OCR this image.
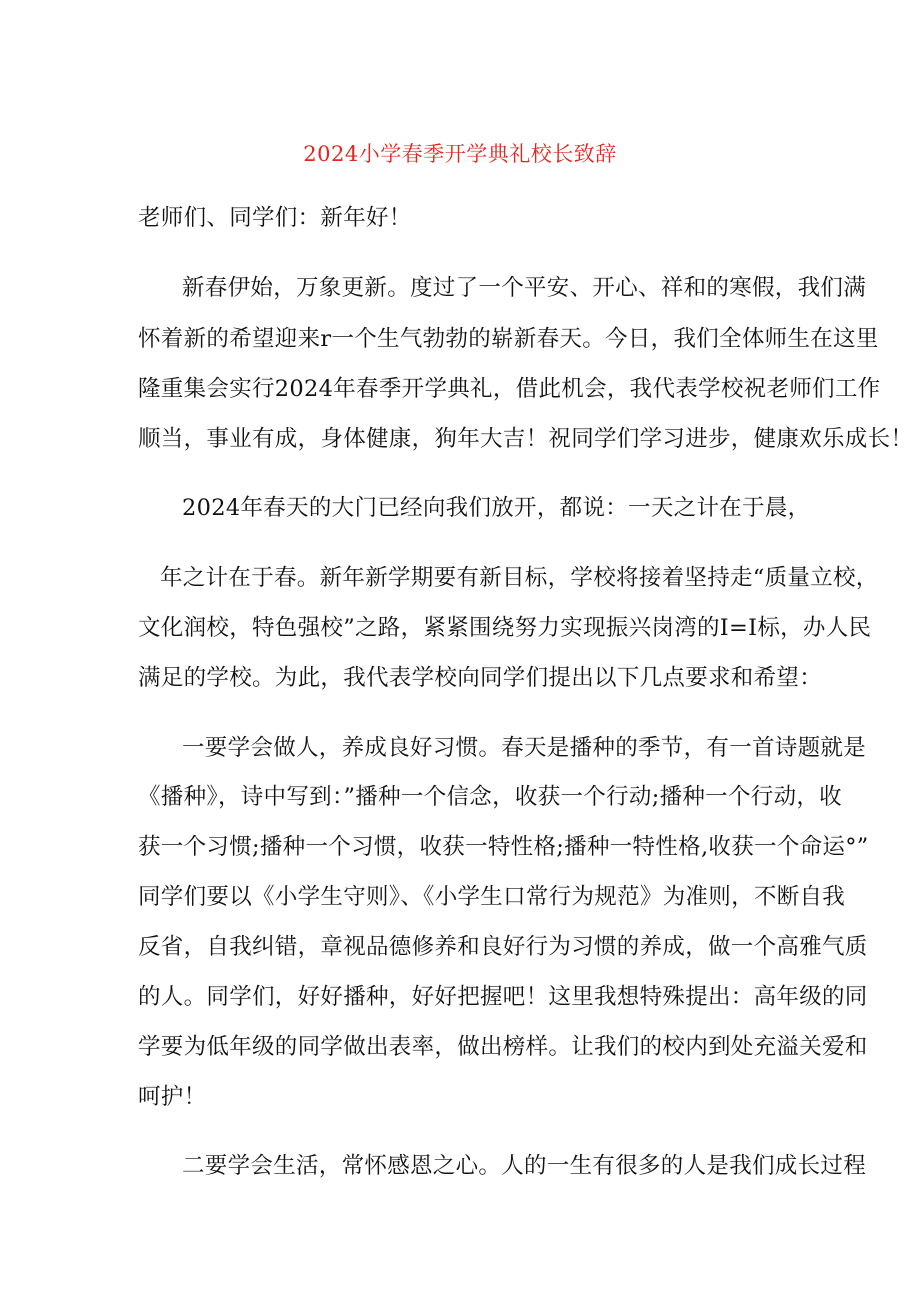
2024小学春季开学典礼校长致辞
老师们、同学们：新年好！
新春伊始，万象更新。度过了一个平安、开心、祥和的寒假，我们满
怀着新的希望迎来r一个生气勃勃的崭新春天。今日，我们全体师生在这里
隆重集会实行2024年春季开学典礼，借此机会，我代表学校祝老师们工作
顺当，事业有成，身体健康，狗年大吉！祝同学们学习进步，健康欢乐成长！
2024年春天的大门已经向我们放开，都说：一天之计在于晨，
年之计在于春。新年新学期要有新目标，学校将接着坚持走“质量立校，
文化润校，特色强校”之路，紧紧围绕努力实现振兴岗湾的I=I标，办人民
满足的学校。为此，我代表学校向同学们提出以下几点要求和希望：
一要学会做人，养成良好习惯。春天是播种的季节，有一首诗题就是
《播种》，诗中写到：”播种一个信念，收获一个行动;播种一个行动，收
获一个习惯;播种一个习惯，收获一特性格;播种一特性格,收获一个命运°”
同学们要以《小学生守则》、《小学生口常行为规范》为准则，不断自我
反省，自我纠错，章视品德修养和良好行为习惯的养成，做一个高雅气质
的人。同学们，好好播种，好好把握吧！这里我想特殊提出：高年级的同
学要为低年级的同学做出表率，做出榜样。让我们的校内到处充溢关爱和
呵护！
二要学会生活，常怀感恩之心。人的一生有很多的人是我们成长过程
